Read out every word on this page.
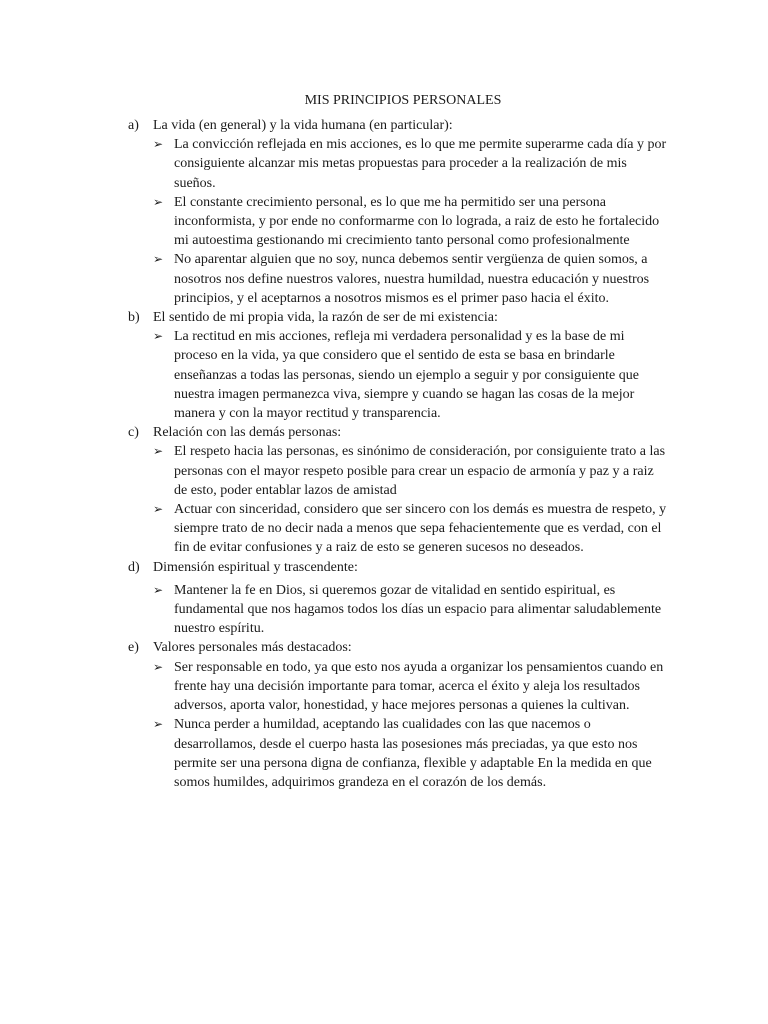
MIS PRINCIPIOS PERSONALES
a) La vida (en general) y la vida humana (en particular):
➢ La convicción reflejada en mis acciones, es lo que me permite superarme cada día y por consiguiente alcanzar mis metas propuestas para proceder a la realización de mis sueños.
➢ El constante crecimiento personal, es lo que me ha permitido ser una persona inconformista, y por ende no conformarme con lo lograda, a raiz de esto he fortalecido mi autoestima gestionando mi crecimiento tanto personal como profesionalmente
➢ No aparentar alguien que no soy, nunca debemos sentir vergüenza de quien somos, a nosotros nos define nuestros valores, nuestra humildad, nuestra educación y nuestros principios, y el aceptarnos a nosotros mismos es el primer paso hacia el éxito.
b) El sentido de mi propia vida, la razón de ser de mi existencia:
➢ La rectitud en mis acciones, refleja mi verdadera personalidad y es la base de mi proceso en la vida, ya que considero que el sentido de esta se basa en brindarle enseñanzas a todas las personas, siendo un ejemplo a seguir y por consiguiente que nuestra imagen permanezca viva, siempre y cuando se hagan las cosas de la mejor manera y con la mayor rectitud y transparencia.
c) Relación con las demás personas:
➢ El respeto hacia las personas, es sinónimo de consideración, por consiguiente trato a las personas con el mayor respeto posible para crear un espacio de armonía y paz y a raiz de esto, poder entablar lazos de amistad
➢ Actuar con sinceridad, considero que ser sincero con los demás es muestra de respeto, y siempre trato de no decir nada a menos que sepa fehacientemente que es verdad, con el fin de evitar confusiones y a raiz de esto se generen sucesos no deseados.
d) Dimensión espiritual y trascendente:
➢ Mantener la fe en Dios, si queremos gozar de vitalidad en sentido espiritual, es fundamental que nos hagamos todos los días un espacio para alimentar saludablemente nuestro espíritu.
e) Valores personales más destacados:
➢ Ser responsable en todo, ya que esto nos ayuda a organizar los pensamientos cuando en frente hay una decisión importante para tomar, acerca el éxito y aleja los resultados adversos, aporta valor, honestidad, y hace mejores personas a quienes la cultivan.
➢ Nunca perder a humildad, aceptando las cualidades con las que nacemos o desarrollamos, desde el cuerpo hasta las posesiones más preciadas, ya que esto nos permite ser una persona digna de confianza, flexible y adaptable En la medida en que somos humildes, adquirimos grandeza en el corazón de los demás.
